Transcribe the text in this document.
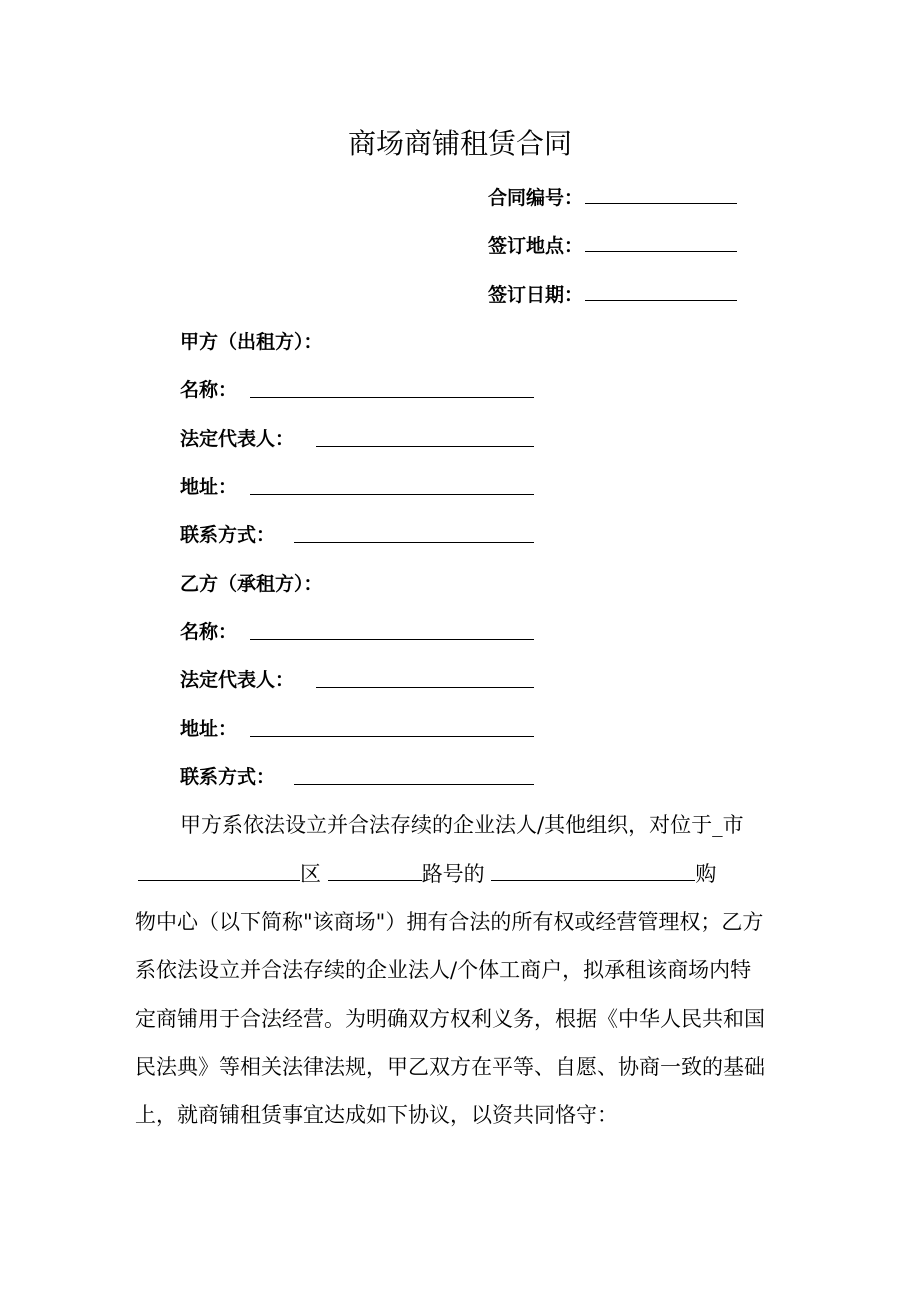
商场商铺租赁合同
合同编号：
签订地点：
签订日期：
甲方（出租方）：
名称：
法定代表人：
地址：
联系方式：
乙方（承租方）：
名称：
法定代表人：
地址：
联系方式：
甲方系依法设立并合法存续的企业法人/其他组织，对位于_市
区	路号的	购
物中心（以下简称"该商场"）拥有合法的所有权或经营管理权；乙方
系依法设立并合法存续的企业法人/个体工商户，拟承租该商场内特
定商铺用于合法经营。为明确双方权利义务，根据《中华人民共和国
民法典》等相关法律法规，甲乙双方在平等、自愿、协商一致的基础
上，就商铺租赁事宜达成如下协议，以资共同恪守：
